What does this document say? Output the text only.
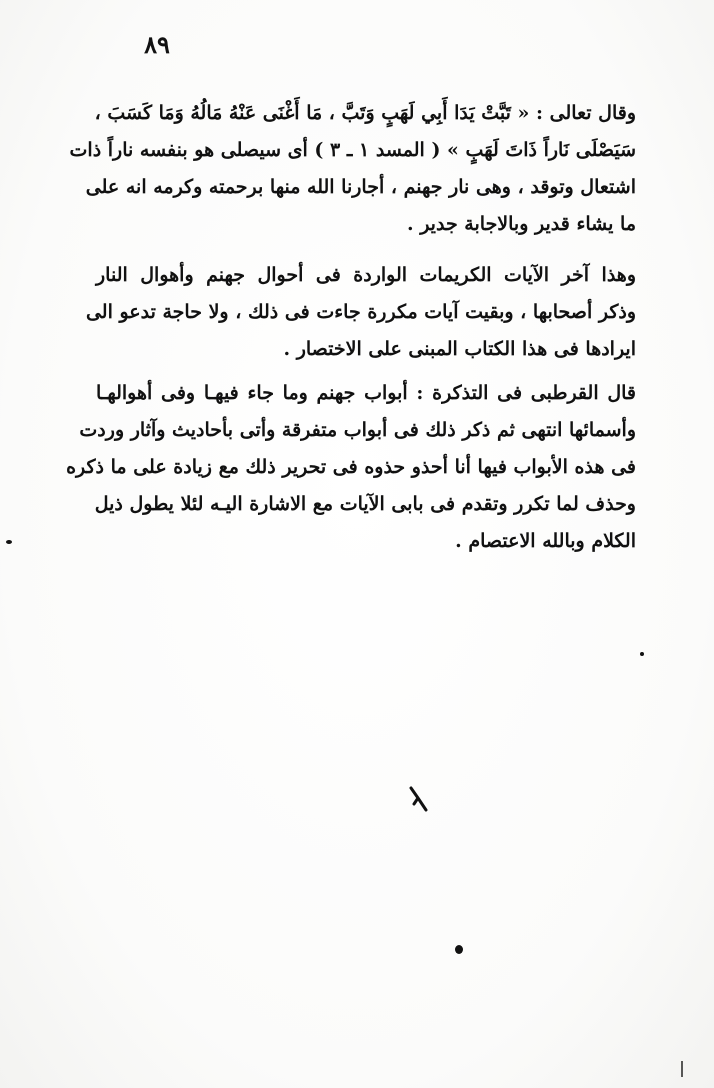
٨٩
وقال تعالى : « تَبَّتْ يَدَا أَبِي لَهَبٍ وَتَبَّ ، مَا أَغْنَى عَنْهُ مَالُهُ وَمَا كَسَبَ ،
سَيَصْلَى نَاراً ذَاتَ لَهَبٍ » ( المسد ١ ـ ٣ ) أى سيصلى هو بنفسه ناراً ذات
اشتعال وتوقد ، وهى نار جهنم ، أجارنا الله منها برحمته وكرمه انه على
ما يشاء قدير وبالاجابة جدير .
وهذا آخر الآيات الكريمات الواردة فى أحوال جهنم وأهوال النار
وذكر أصحابها ، وبقيت آيات مكررة جاءت فى ذلك ، ولا حاجة تدعو الى
ايرادها فى هذا الكتاب المبنى على الاختصار .
قال القرطبى فى التذكرة : أبواب جهنم وما جاء فيهـا وفى أهوالهـا
وأسمائها انتهى ثم ذكر ذلك فى أبواب متفرقة وأتى بأحاديث وآثار وردت
فى هذه الأبواب فيها أنا أحذو حذوه فى تحرير ذلك مع زيادة على ما ذكره
وحذف لما تكرر وتقدم فى بابى الآيات مع الاشارة اليـه لئلا يطول ذيل
الكلام وبالله الاعتصام .
